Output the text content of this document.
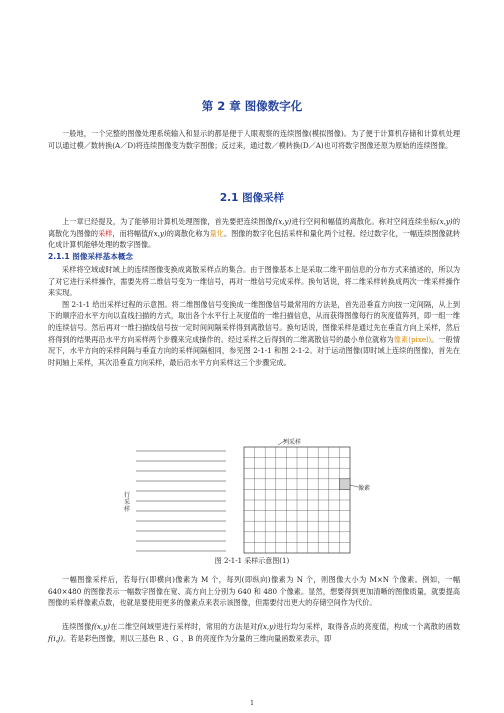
第 2 章 图像数字化

一般地，一个完整的图像处理系统输入和显示的都是便于人眼观察的连续图像(模拟图像)。为了便于计算机存储和计算机处理可以通过模／数转换(A／D)将连续图像变为数字图像；反过来，通过数／模转换(D／A)也可将数字图像还原为原始的连续图像。

2.1 图像采样

上一章已经提及，为了能够用计算机处理图像，首先要把连续图像f(x,y)进行空间和幅值的离散化。称对空间连续坐标(x,y)的离散化为图像的采样，而将幅值f(x,y)的离散化称为量化。图像的数字化包括采样和量化两个过程。经过数字化，一幅连续图像就转化成计算机能够处理的数字图像。

2.1.1 图像采样基本概念

采样将空域或时域上的连续图像变换成离散采样点的集合。由于图像基本上是采取二维平面信息的分布方式来描述的，所以为了对它进行采样操作，需要先将二维信号变为一维信号，再对一维信号完成采样。换句话说，将二维采样转换成两次一维采样操作来实现。

图 2-1-1 给出采样过程的示意图。将二维图像信号变换成一维图像信号最常用的方法是，首先沿垂直方向按一定间隔，从上到下的顺序沿水平方向以直线扫描的方式，取出各个水平行上灰度值的一维扫描信息，从而获得图像每行的灰度值阵列，即一组一维的连续信号。然后再对一维扫描线信号按一定时间间隔采样得到离散信号。换句话说，图像采样是通过先在垂直方向上采样，然后将得到的结果再沿水平方向采样两个步骤来完成操作的。经过采样之后得到的二维离散信号的最小单位就称为像素(pixel)。一般情况下，水平方向的采样间隔与垂直方向的采样间隔相同，参见图 2-1-1 和图 2-1-2。对于运动图像(即时域上连续的图像)，首先在时间轴上采样，其次沿垂直方向采样，最后沿水平方向采样这三个步骤完成。

列采样
像素
行采样
图 2-1-1 采样示意图(1)

一幅图像采样后，若每行(即横向)像素为 M 个，每列(即纵向)像素为 N 个，则图像大小为 M×N 个像素。例如，一幅 640×480 的图像表示一幅数字图像在宽、高方向上分别为 640 和 480 个像素。显然，想要得到更加清晰的图像质量，就要提高图像的采样像素点数，也就是要使用更多的像素点来表示该图像，但需要付出更大的存储空间作为代价。

连续图像f(x,y)在二维空间域里进行采样时，常用的方法是对f(x,y)进行均匀采样，取得各点的亮度值，构成一个离散的函数f(i,j)。若是彩色图像，则以三基色 R 、G 、B 的亮度作为分量的三维向量函数来表示，即

1
